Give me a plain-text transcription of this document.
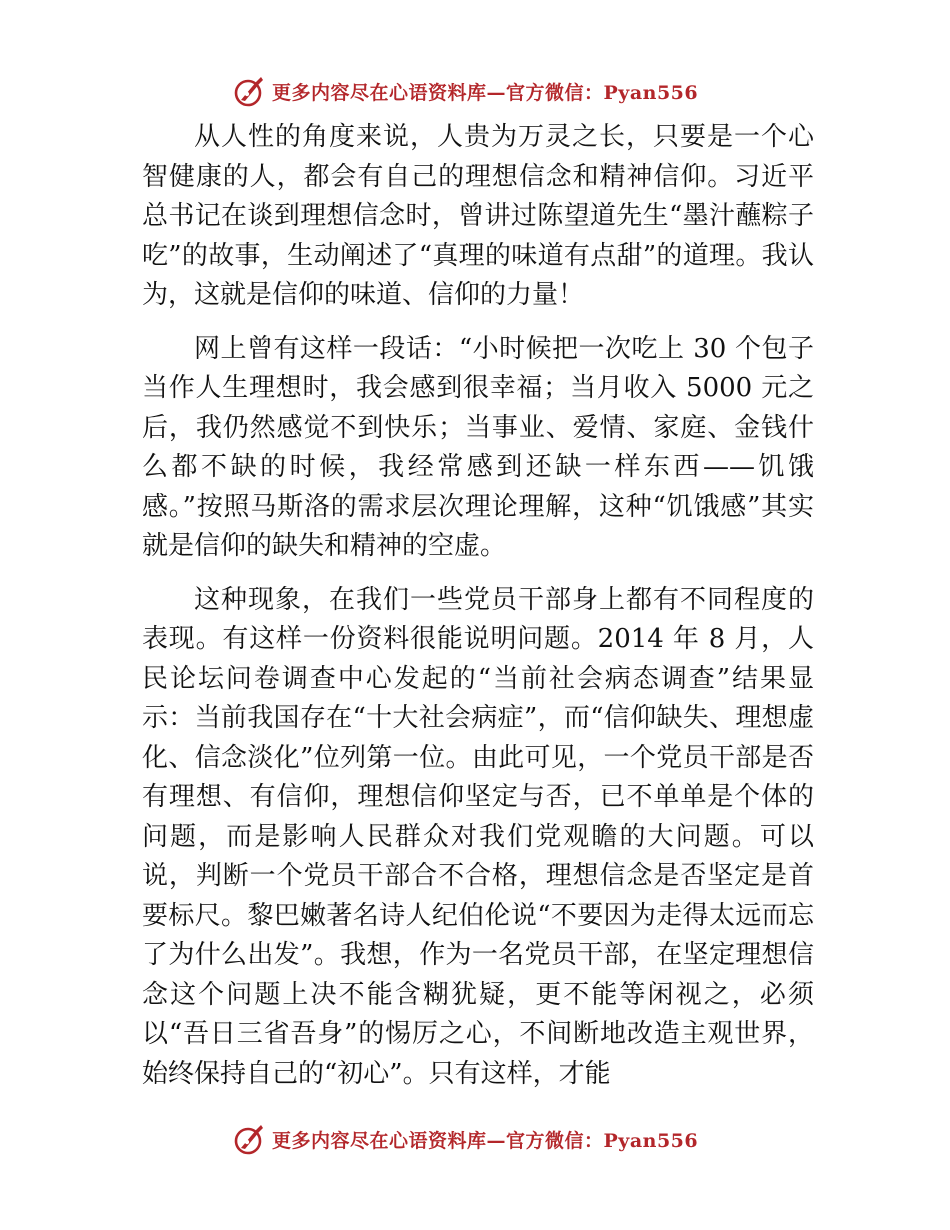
更多内容尽在心语资料库—官方微信：Pyan556

从人性的角度来说，人贵为万灵之长，只要是一个心智健康的人，都会有自己的理想信念和精神信仰。习近平总书记在谈到理想信念时，曾讲过陈望道先生“墨汁蘸粽子吃”的故事，生动阐述了“真理的味道有点甜”的道理。我认为，这就是信仰的味道、信仰的力量！

网上曾有这样一段话：“小时候把一次吃上 30 个包子当作人生理想时，我会感到很幸福；当月收入 5000 元之后，我仍然感觉不到快乐；当事业、爱情、家庭、金钱什么都不缺的时候，我经常感到还缺一样东西——饥饿感。”按照马斯洛的需求层次理论理解，这种“饥饿感”其实就是信仰的缺失和精神的空虚。

这种现象，在我们一些党员干部身上都有不同程度的表现。有这样一份资料很能说明问题。2014 年 8 月，人民论坛问卷调查中心发起的“当前社会病态调查”结果显示：当前我国存在“十大社会病症”，而“信仰缺失、理想虚化、信念淡化”位列第一位。由此可见，一个党员干部是否有理想、有信仰，理想信仰坚定与否，已不单单是个体的问题，而是影响人民群众对我们党观瞻的大问题。可以说，判断一个党员干部合不合格，理想信念是否坚定是首要标尺。黎巴嫩著名诗人纪伯伦说“不要因为走得太远而忘了为什么出发”。我想，作为一名党员干部，在坚定理想信念这个问题上决不能含糊犹疑，更不能等闲视之，必须以“吾日三省吾身”的惕厉之心，不间断地改造主观世界，始终保持自己的“初心”。只有这样，才能

更多内容尽在心语资料库—官方微信：Pyan556
